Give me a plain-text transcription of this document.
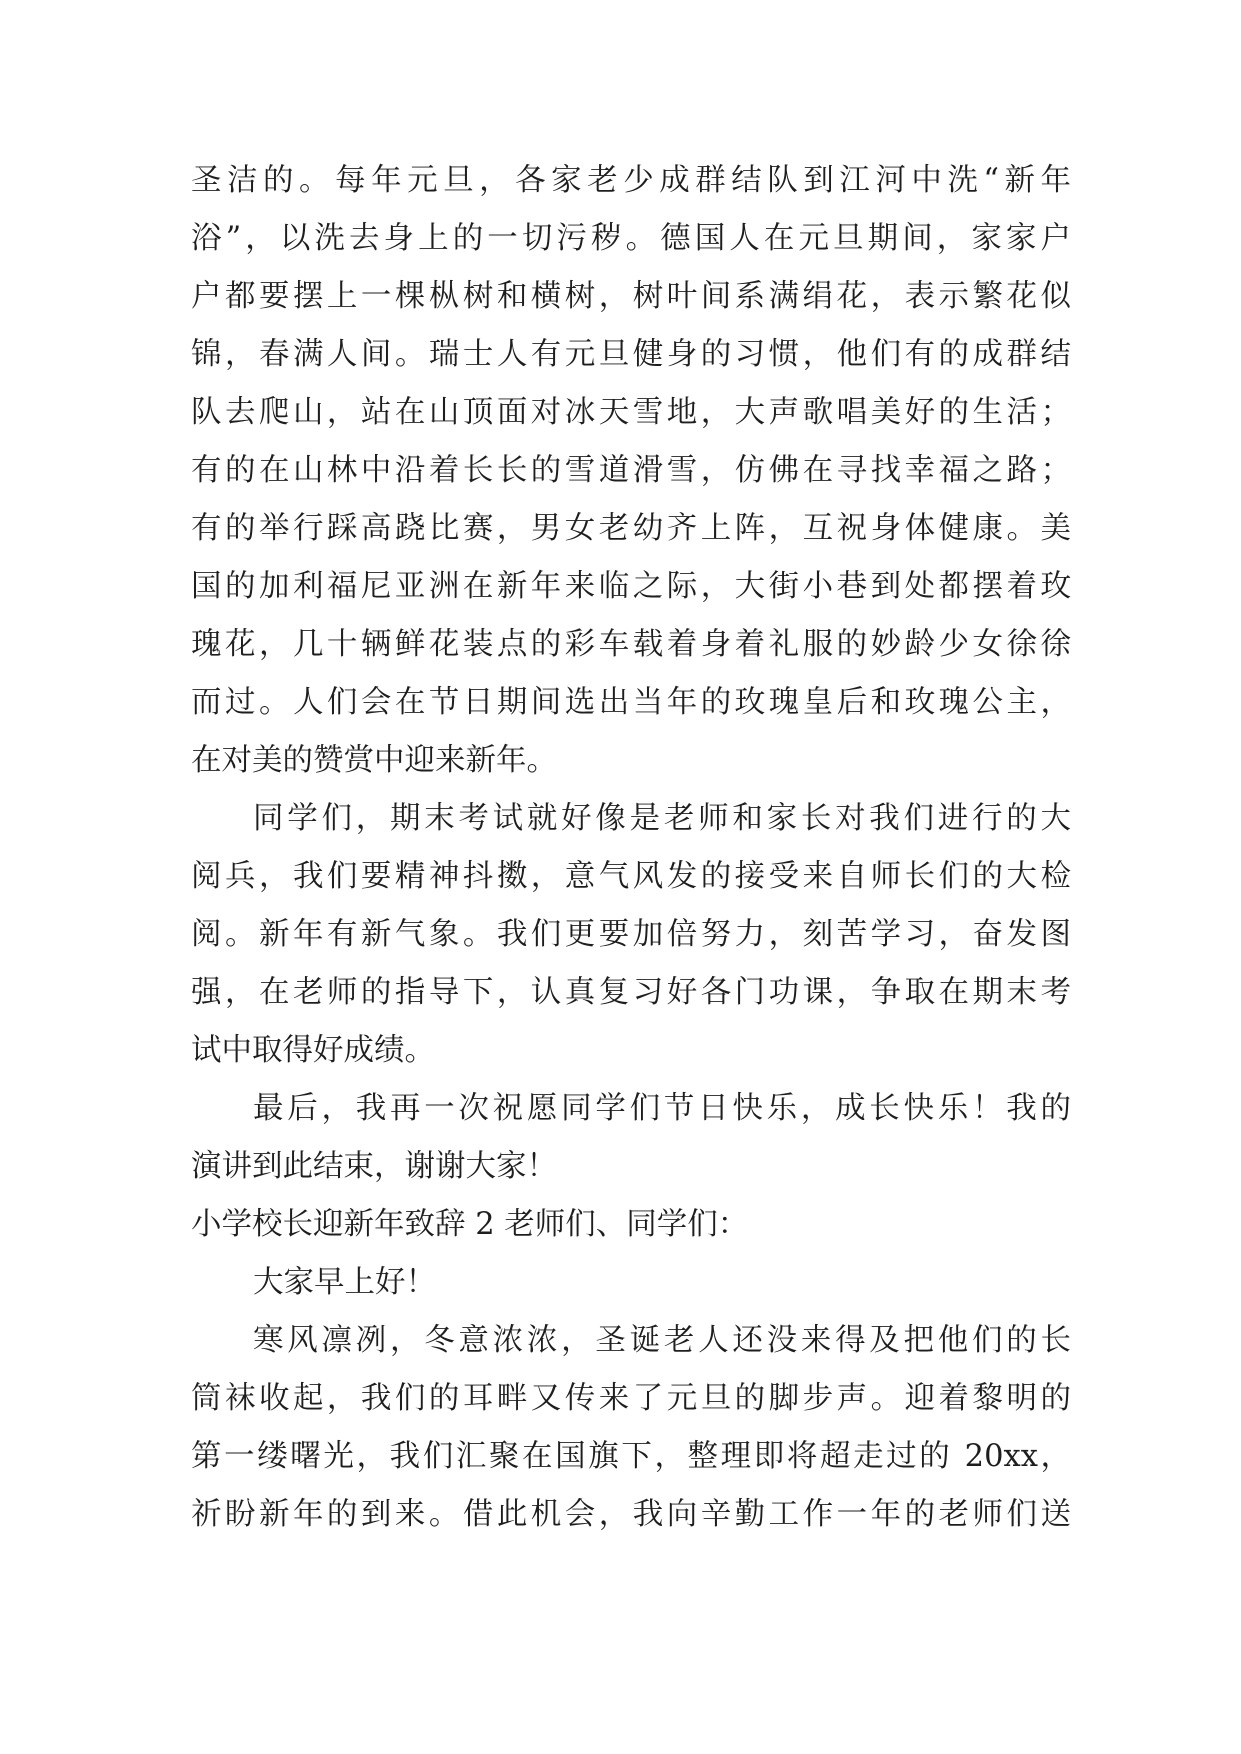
圣洁的。每年元旦，各家老少成群结队到江河中洗“新年
浴”，以洗去身上的一切污秽。德国人在元旦期间，家家户
户都要摆上一棵枞树和横树，树叶间系满绢花，表示繁花似
锦，春满人间。瑞士人有元旦健身的习惯，他们有的成群结
队去爬山，站在山顶面对冰天雪地，大声歌唱美好的生活；
有的在山林中沿着长长的雪道滑雪，仿佛在寻找幸福之路；
有的举行踩高跷比赛，男女老幼齐上阵，互祝身体健康。美
国的加利福尼亚洲在新年来临之际，大街小巷到处都摆着玫
瑰花，几十辆鲜花装点的彩车载着身着礼服的妙龄少女徐徐
而过。人们会在节日期间选出当年的玫瑰皇后和玫瑰公主，
在对美的赞赏中迎来新年。
同学们，期末考试就好像是老师和家长对我们进行的大
阅兵，我们要精神抖擞，意气风发的接受来自师长们的大检
阅。新年有新气象。我们更要加倍努力，刻苦学习，奋发图
强，在老师的指导下，认真复习好各门功课，争取在期末考
试中取得好成绩。
最后，我再一次祝愿同学们节日快乐，成长快乐！我的
演讲到此结束，谢谢大家！
小学校长迎新年致辞 2 老师们、同学们：
大家早上好！
寒风凛冽，冬意浓浓，圣诞老人还没来得及把他们的长
筒袜收起，我们的耳畔又传来了元旦的脚步声。迎着黎明的
第一缕曙光，我们汇聚在国旗下，整理即将超走过的 20xx，
祈盼新年的到来。借此机会，我向辛勤工作一年的老师们送
